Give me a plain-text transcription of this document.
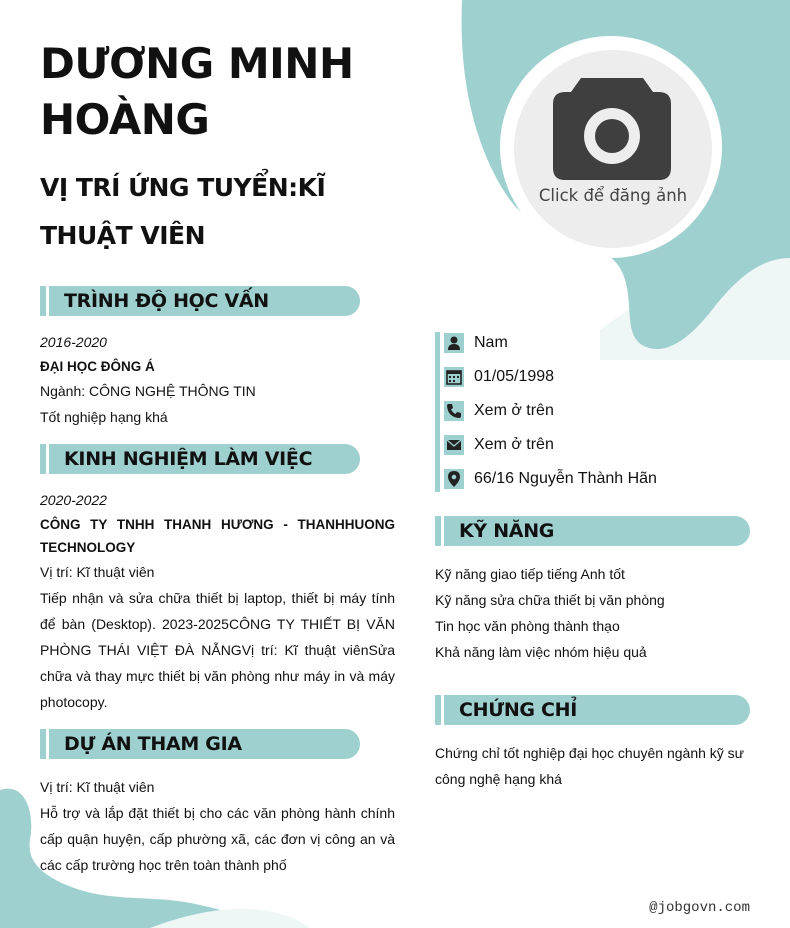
DƯƠNG MINH HOÀNG
VỊ TRÍ ỨNG TUYỂN:KĨ THUẬT VIÊN
Click để đăng ảnh
TRÌNH ĐỘ HỌC VẤN
2016-2020
ĐẠI HỌC ĐÔNG Á
Ngành: CÔNG NGHỆ THÔNG TIN
Tốt nghiệp hạng khá
KINH NGHIỆM LÀM VIỆC
2020-2022
CÔNG TY TNHH THANH HƯƠNG - THANHHUONG TECHNOLOGY
Vị trí: Kĩ thuật viên
Tiếp nhận và sửa chữa thiết bị laptop, thiết bị máy tính để bàn (Desktop). 2023-2025CÔNG TY THIẾT BỊ VĂN PHÒNG THÁI VIỆT ĐÀ NẴNGVị trí: Kĩ thuật viênSửa chữa và thay mực thiết bị văn phòng như máy in và máy photocopy.
DỰ ÁN THAM GIA
Vị trí: Kĩ thuật viên
Hỗ trợ và lắp đặt thiết bị cho các văn phòng hành chính cấp quận huyện, cấp phường xã, các đơn vị công an và các cấp trường học trên toàn thành phố
Nam
01/05/1998
Xem ở trên
Xem ở trên
66/16 Nguyễn Thành Hãn
KỸ NĂNG
Kỹ năng giao tiếp tiếng Anh tốt
Kỹ năng sửa chữa thiết bị văn phòng
Tin học văn phòng thành thạo
Khả năng làm việc nhóm hiệu quả
CHỨNG CHỈ
Chứng chỉ tốt nghiệp đại học chuyên ngành kỹ sư công nghệ hạng khá
@jobgovn.com
